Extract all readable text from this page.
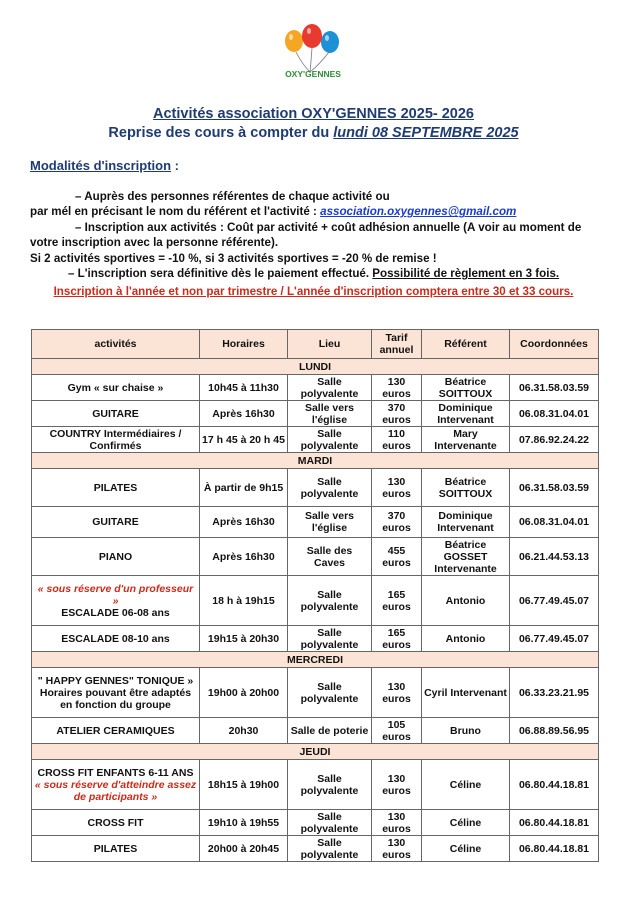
OXY'GENNES
Activités association OXY'GENNES 2025- 2026
Reprise des cours à compter du lundi 08 SEPTEMBRE 2025
Modalités d'inscription :

– Auprès des personnes référentes de chaque activité ou

par mél en précisant le nom du référent et l'activité : association.oxygennes@gmail.com

– Inscription aux activités : Coût par activité + coût adhésion annuelle (A voir au moment de votre inscription avec la personne référente).

Si 2 activités sportives = -10 %, si 3 activités sportives = -20 % de remise !

– L'inscription sera définitive dès le paiement effectué. Possibilité de règlement en 3 fois.

Inscription à l'année et non par trimestre / L'année d'inscription comptera entre 30 et 33 cours.
activités	Horaires	Lieu	Tarif annuel	Référent	Coordonnées
LUNDI					
Gym « sur chaise »	10h45 à 11h30	Salle polyvalente	130 euros	Béatrice SOITTOUX	06.31.58.03.59
GUITARE	Après 16h30	Salle vers l'église	370 euros	Dominique Intervenant	06.08.31.04.01
COUNTRY Intermédiaires / Confirmés	17 h 45 à 20 h 45	Salle polyvalente	110 euros	Mary Intervenante	07.86.92.24.22
MARDI					
PILATES	À partir de 9h15	Salle polyvalente	130 euros	Béatrice SOITTOUX	06.31.58.03.59
GUITARE	Après 16h30	Salle vers l'église	370 euros	Dominique Intervenant	06.08.31.04.01
PIANO	Après 16h30	Salle des Caves	455 euros	Béatrice GOSSET Intervenante	06.21.44.53.13

« sous réserve d'un professeur »
ESCALADE 06-08 ans	18 h à 19h15	Salle polyvalente	165 euros	Antonio	06.77.49.45.07
ESCALADE 08-10 ans	19h15 à 20h30	Salle polyvalente	165 euros	Antonio	06.77.49.45.07
MERCREDI					
" HAPPY GENNES" TONIQUE » Horaires pouvant être adaptés en fonction du groupe	19h00 à 20h00	Salle polyvalente	130 euros	Cyril Intervenant	06.33.23.21.95
ATELIER CERAMIQUES	20h30	Salle de poterie	105 euros	Bruno	06.88.89.56.95
JEUDI					

CROSS FIT ENFANTS 6-11 ANS
« sous réserve d'atteindre assez de participants »	18h15 à 19h00	Salle polyvalente	130 euros	Céline	06.80.44.18.81
CROSS FIT	19h10 à 19h55	Salle polyvalente	130 euros	Céline	06.80.44.18.81
PILATES	20h00 à 20h45	Salle polyvalente	130 euros	Céline	06.80.44.18.81
